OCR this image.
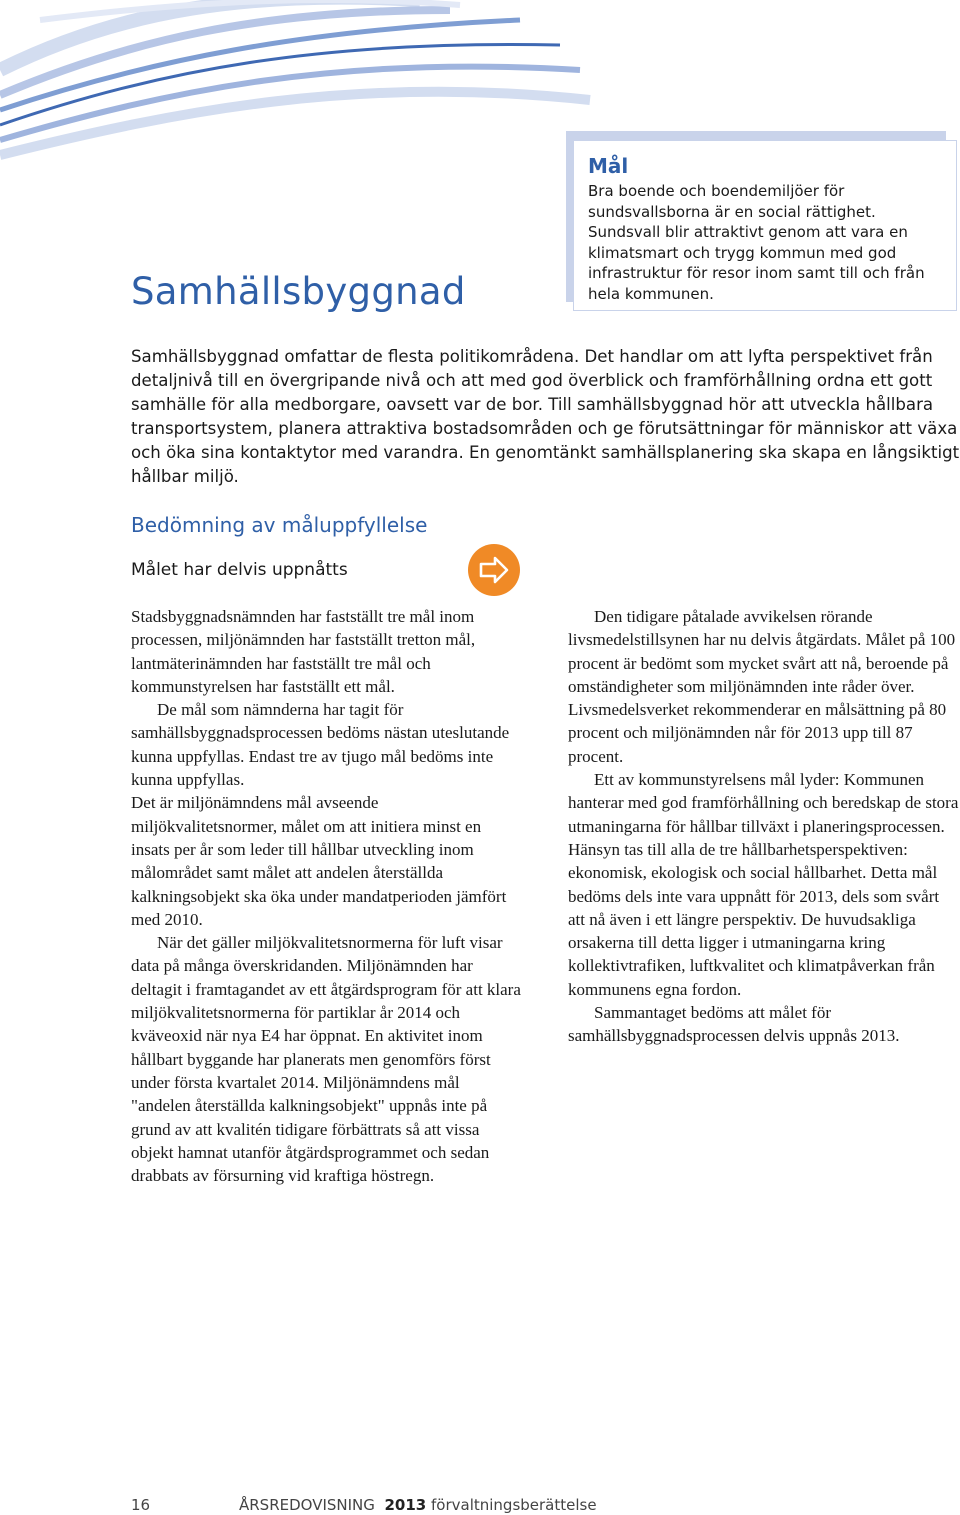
Mål
Bra boende och boendemiljöer för sundsvallsborna är en social rättighet. Sundsvall blir attraktivt genom att vara en klimatsmart och trygg kommun med god infrastruktur för resor inom samt till och från hela kommunen.
Samhällsbyggnad

Samhällsbyggnad omfattar de flesta politikområdena. Det handlar om att lyfta perspektivet från detaljnivå till en övergripande nivå och att med god överblick och framförhållning ordna ett gott samhälle för alla medborgare, oavsett var de bor. Till samhällsbyggnad hör att utveckla hållbara transportsystem, planera attraktiva bostadsområden och ge förutsättningar för människor att växa och öka sina kontaktytor med varandra. En genomtänkt samhällsplanering ska skapa en långsiktigt hållbar miljö.

Bedömning av måluppfyllelse
Målet har delvis uppnåtts

Stadsbyggnadsnämnden har fastställt tre mål inom processen, miljönämnden har fastställt tretton mål, lantmäterinämnden har fastställt tre mål och kommunstyrelsen har fastställt ett mål.

De mål som nämnderna har tagit för samhällsbyggnadsprocessen bedöms nästan uteslutande kunna uppfyllas. Endast tre av tjugo mål bedöms inte kunna uppfyllas.

Det är miljönämndens mål avseende miljökvalitetsnormer, målet om att initiera minst en insats per år som leder till hållbar utveckling inom målområdet samt målet att andelen återställda kalkningsobjekt ska öka under mandatperioden jämfört med 2010.

När det gäller miljökvalitetsnormerna för luft visar data på många överskridanden. Miljönämnden har deltagit i framtagandet av ett åtgärdsprogram för att klara miljökvalitetsnormerna för partiklar år 2014 och kväveoxid när nya E4 har öppnat. En aktivitet inom hållbart byggande har planerats men genomförs först under första kvartalet 2014. Miljönämndens mål "andelen återställda kalkningsobjekt" uppnås inte på grund av att kvalitén tidigare förbättrats så att vissa objekt hamnat utanför åtgärdsprogrammet och sedan drabbats av försurning vid kraftiga höstregn.

Den tidigare påtalade avvikelsen rörande livsmedelstillsynen har nu delvis åtgärdats. Målet på 100 procent är bedömt som mycket svårt att nå, beroende på omständigheter som miljönämnden inte råder över. Livsmedelsverket rekommenderar en målsättning på 80 procent och miljönämnden når för 2013 upp till 87 procent.

Ett av kommunstyrelsens mål lyder: Kommunen hanterar med god framförhållning och beredskap de stora utmaningarna för hållbar tillväxt i planeringsprocessen. Hänsyn tas till alla de tre hållbarhetsperspektiven: ekonomisk, ekologisk och social hållbarhet. Detta mål bedöms dels inte vara uppnått för 2013, dels som svårt att nå även i ett längre perspektiv. De huvudsakliga orsakerna till detta ligger i utmaningarna kring kollektivtrafiken, luftkvalitet och klimatpåverkan från kommunens egna fordon.

Sammantaget bedöms att målet för samhällsbyggnadsprocessen delvis uppnås 2013.

16	ÅRSREDOVISNING 2013 förvaltningsberättelse
